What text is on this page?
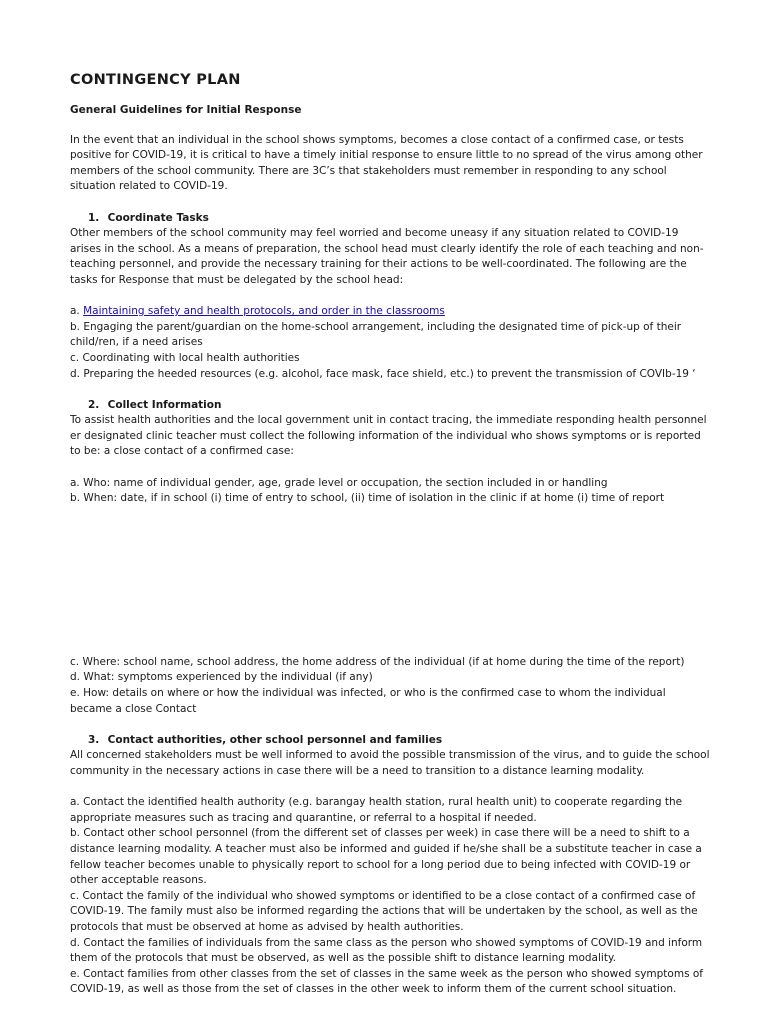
CONTINGENCY PLAN
General Guidelines for Initial Response

In the event that an individual in the school shows symptoms, becomes a close contact of a confirmed case, or tests positive for COVID-19, it is critical to have a timely initial response to ensure little to no spread of the virus among other members of the school community. There are 3C’s that stakeholders must remember in responding to any school situation related to COVID-19.

1. Coordinate Tasks

Other members of the school community may feel worried and become uneasy if any situation related to COVID-19 arises in the school. As a means of preparation, the school head must clearly identify the role of each teaching and non-teaching personnel, and provide the necessary training for their actions to be well-coordinated. The following are the tasks for Response that must be delegated by the school head:

a. Maintaining safety and health protocols, and order in the classrooms

b. Engaging the parent/guardian on the home-school arrangement, including the designated time of pick-up of their child/ren, if a need arises

c. Coordinating with local health authorities

d. Preparing the heeded resources (e.g. alcohol, face mask, face shield, etc.) to prevent the transmission of COVIb-19 ‘

2. Collect Information

To assist health authorities and the local government unit in contact tracing, the immediate responding health personnel er designated clinic teacher must collect the following information of the individual who shows symptoms or is reported to be: a close contact of a confirmed case:

a. Who: name of individual gender, age, grade level or occupation, the section included in or handling

b. When: date, if in school (i) time of entry to school, (ii) time of isolation in the clinic if at home (i) time of report

c. Where: school name, school address, the home address of the individual (if at home during the time of the report)

d. What: symptoms experienced by the individual (if any)

e. How: details on where or how the individual was infected, or who is the confirmed case to whom the individual became a close Contact

3. Contact authorities, other school personnel and families

All concerned stakeholders must be well informed to avoid the possible transmission of the virus, and to guide the school community in the necessary actions in case there will be a need to transition to a distance learning modality.

a. Contact the identified health authority (e.g. barangay health station, rural health unit) to cooperate regarding the appropriate measures such as tracing and quarantine, or referral to a hospital if needed.

b. Contact other school personnel (from the different set of classes per week) in case there will be a need to shift to a distance learning modality. A teacher must also be informed and guided if he/she shall be a substitute teacher in case a fellow teacher becomes unable to physically report to school for a long period due to being infected with COVID-19 or other acceptable reasons.

c. Contact the family of the individual who showed symptoms or identified to be a close contact of a confirmed case of COVID-19. The family must also be informed regarding the actions that will be undertaken by the school, as well as the protocols that must be observed at home as advised by health authorities.

d. Contact the families of individuals from the same class as the person who showed symptoms of COVID-19 and inform them of the protocols that must be observed, as well as the possible shift to distance learning modality.

e. Contact families from other classes from the set of classes in the same week as the person who showed symptoms of COVID-19, as well as those from the set of classes in the other week to inform them of the current school situation.
